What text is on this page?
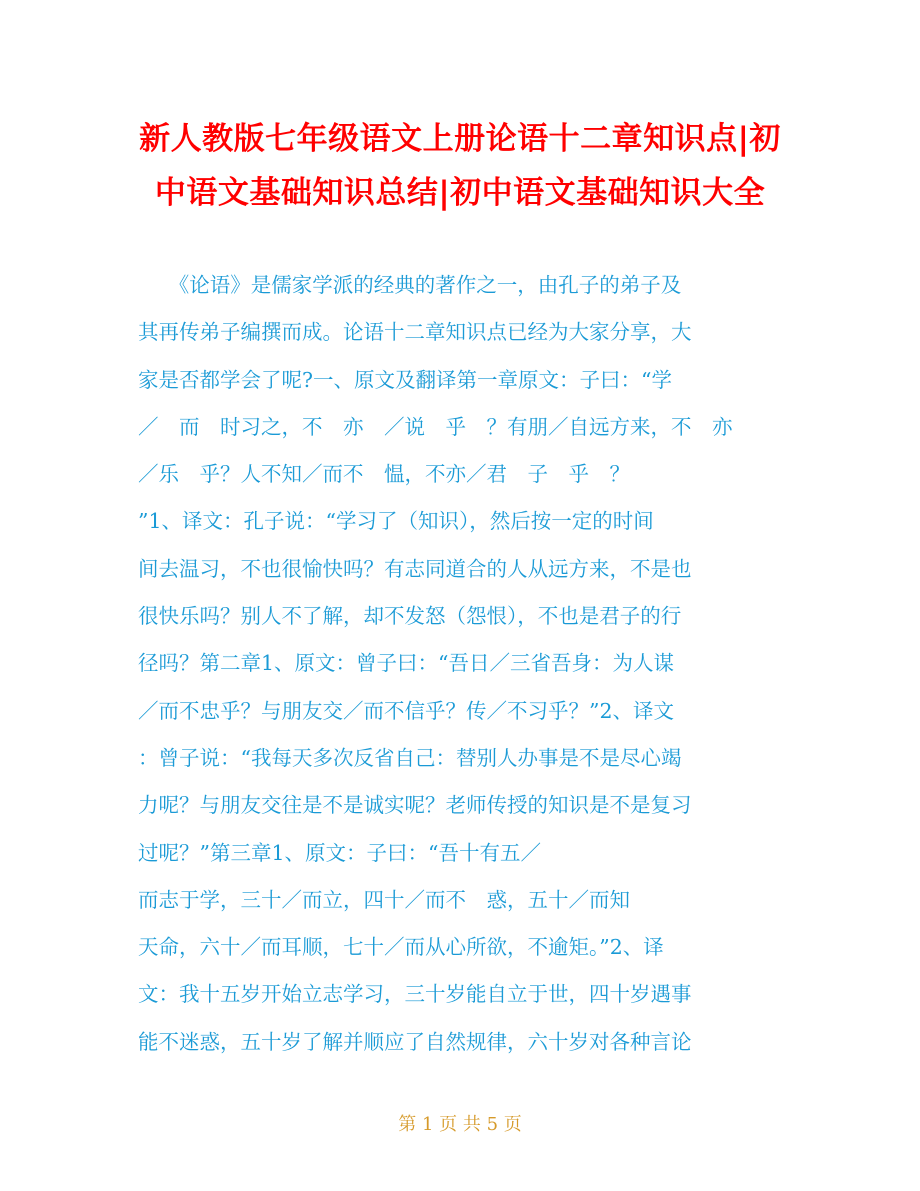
新人教版七年级语文上册论语十二章知识点|初
中语文基础知识总结|初中语文基础知识大全
　　《论语》是儒家学派的经典的著作之一，由孔子的弟子及
其再传弟子编撰而成。论语十二章知识点已经为大家分享，大
家是否都学会了呢?一、原文及翻译第一章原文：子曰：“学
／　而　时习之，不　亦　／说　乎　？有朋／自远方来，不　亦
／乐　乎？人不知／而不　愠，不亦／君　子　乎　？
”1、译文：孔子说：“学习了（知识），然后按一定的时间
间去温习，不也很愉快吗？有志同道合的人从远方来，不是也
很快乐吗？别人不了解，却不发怒（怨恨），不也是君子的行
径吗？第二章1、原文：曾子曰：“吾日／三省吾身：为人谋
／而不忠乎？与朋友交／而不信乎？传／不习乎？”2、译文
：曾子说：“我每天多次反省自己：替别人办事是不是尽心竭
力呢？与朋友交往是不是诚实呢？老师传授的知识是不是复习
过呢？”第三章1、原文：子曰：“吾十有五／
而志于学，三十／而立，四十／而不　惑，五十／而知
天命，六十／而耳顺，七十／而从心所欲，不逾矩。”2、译
文：我十五岁开始立志学习，三十岁能自立于世，四十岁遇事
能不迷惑，五十岁了解并顺应了自然规律，六十岁对各种言论
第 1 页 共 5 页
